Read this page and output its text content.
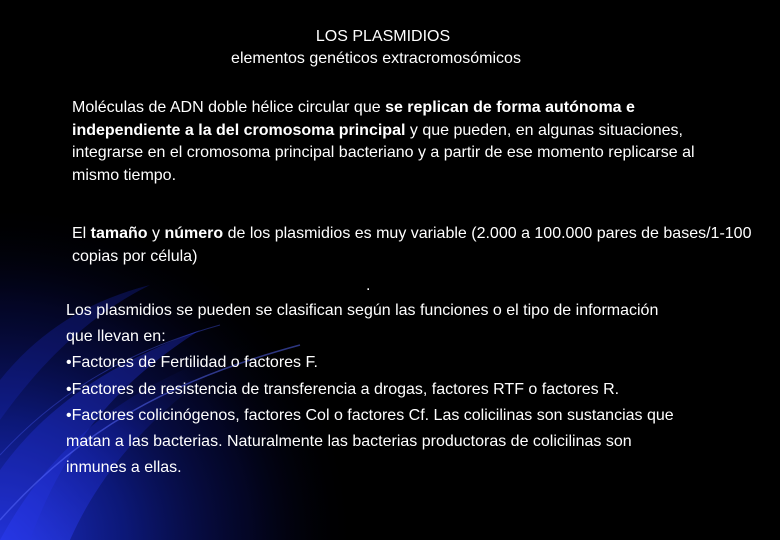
LOS PLASMIDIOS
elementos genéticos extracromosómicos

Moléculas de ADN doble hélice circular que se replican de forma autónoma e independiente a la del cromosoma principal y que pueden, en algunas situaciones, integrarse en el cromosoma principal bacteriano y a partir de ese momento replicarse al mismo tiempo.

El tamaño y número de los plasmidios es muy variable (2.000 a 100.000 pares de bases/1-100 copias por célula)

.
Los plasmidios se pueden se clasifican según las funciones o el tipo de información que llevan en:
•Factores de Fertilidad o factores F.
•Factores de resistencia de transferencia a drogas, factores RTF o factores R.
•Factores colicinógenos, factores Col o factores Cf. Las colicilinas son sustancias que matan a las bacterias. Naturalmente las bacterias productoras de colicilinas son inmunes a ellas.
